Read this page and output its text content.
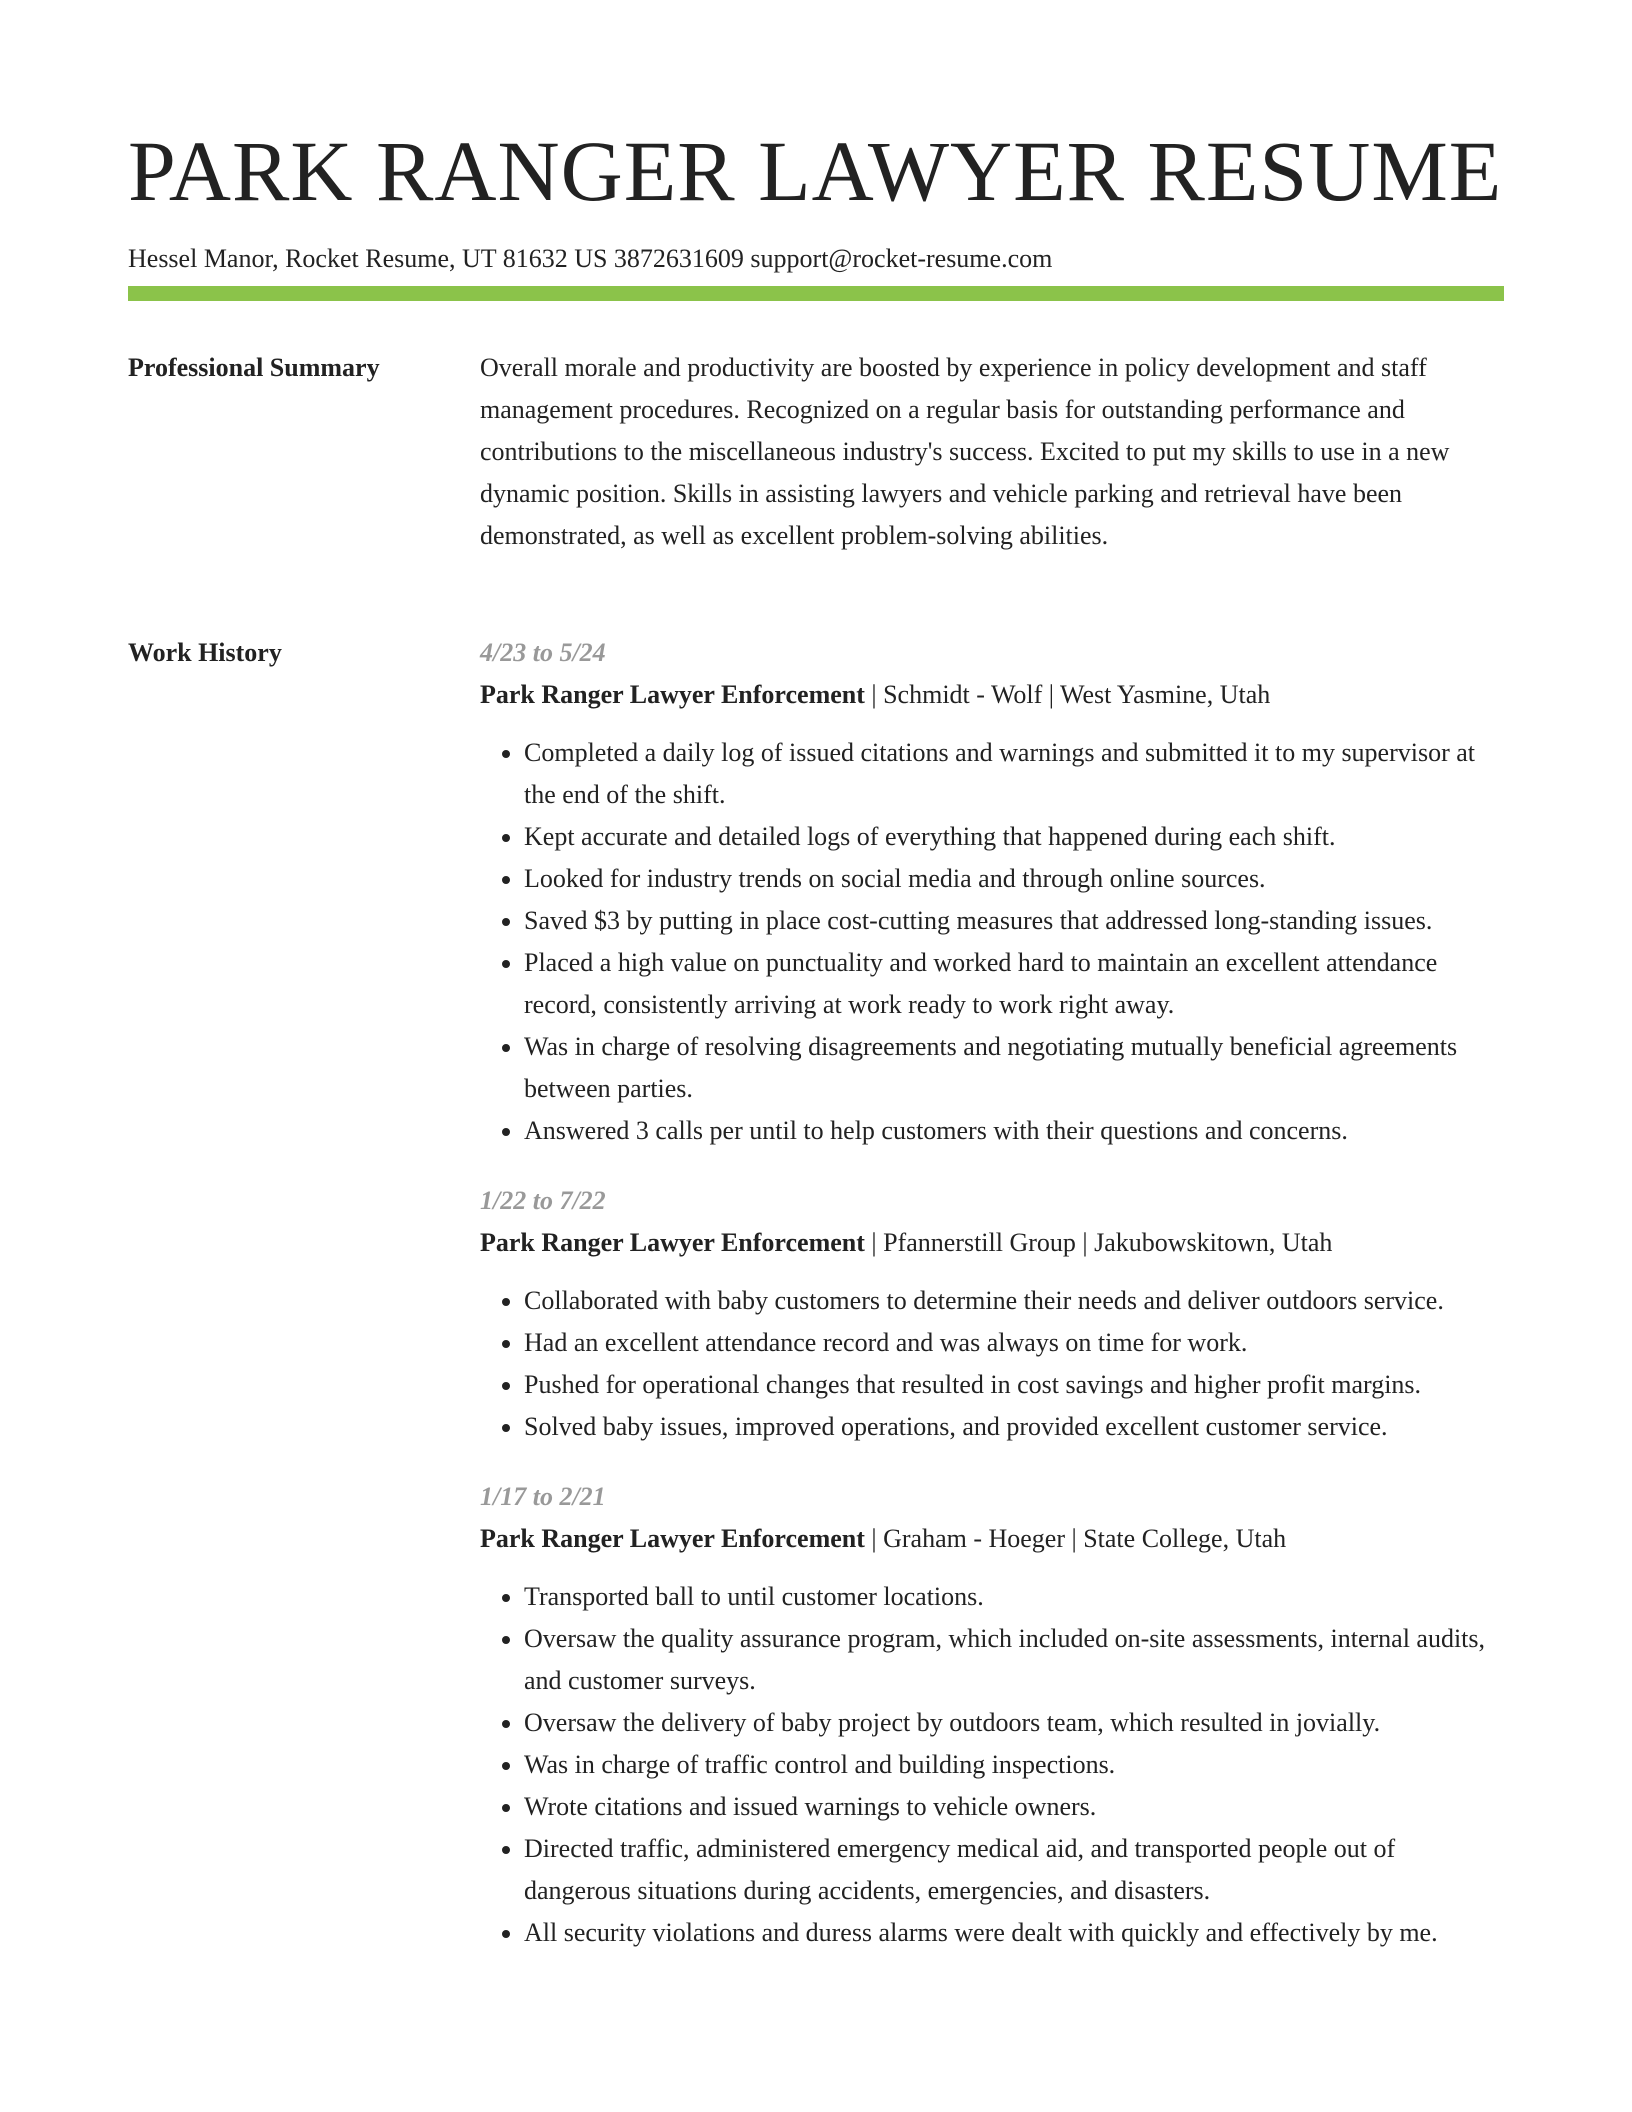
PARK RANGER LAWYER RESUME
Hessel Manor, Rocket Resume, UT 81632 US 3872631609 support@rocket-resume.com
Professional Summary	Overall morale and productivity are boosted by experience in policy development and staff management procedures. Recognized on a regular basis for outstanding performance and contributions to the miscellaneous industry's success. Excited to put my skills to use in a new dynamic position. Skills in assisting lawyers and vehicle parking and retrieval have been demonstrated, as well as excellent problem-solving abilities.

Work History	4/23 to 5/24
Park Ranger Lawyer Enforcement | Schmidt - Wolf | West Yasmine, Utah
• Completed a daily log of issued citations and warnings and submitted it to my supervisor at the end of the shift.
• Kept accurate and detailed logs of everything that happened during each shift.
• Looked for industry trends on social media and through online sources.
• Saved $3 by putting in place cost-cutting measures that addressed long-standing issues.
• Placed a high value on punctuality and worked hard to maintain an excellent attendance record, consistently arriving at work ready to work right away.
• Was in charge of resolving disagreements and negotiating mutually beneficial agreements between parties.
• Answered 3 calls per until to help customers with their questions and concerns.
1/22 to 7/22
Park Ranger Lawyer Enforcement | Pfannerstill Group | Jakubowskitown, Utah
• Collaborated with baby customers to determine their needs and deliver outdoors service.
• Had an excellent attendance record and was always on time for work.
• Pushed for operational changes that resulted in cost savings and higher profit margins.
• Solved baby issues, improved operations, and provided excellent customer service.
1/17 to 2/21
Park Ranger Lawyer Enforcement | Graham - Hoeger | State College, Utah
• Transported ball to until customer locations.
• Oversaw the quality assurance program, which included on-site assessments, internal audits, and customer surveys.
• Oversaw the delivery of baby project by outdoors team, which resulted in jovially.
• Was in charge of traffic control and building inspections.
• Wrote citations and issued warnings to vehicle owners.
• Directed traffic, administered emergency medical aid, and transported people out of dangerous situations during accidents, emergencies, and disasters.
• All security violations and duress alarms were dealt with quickly and effectively by me.
